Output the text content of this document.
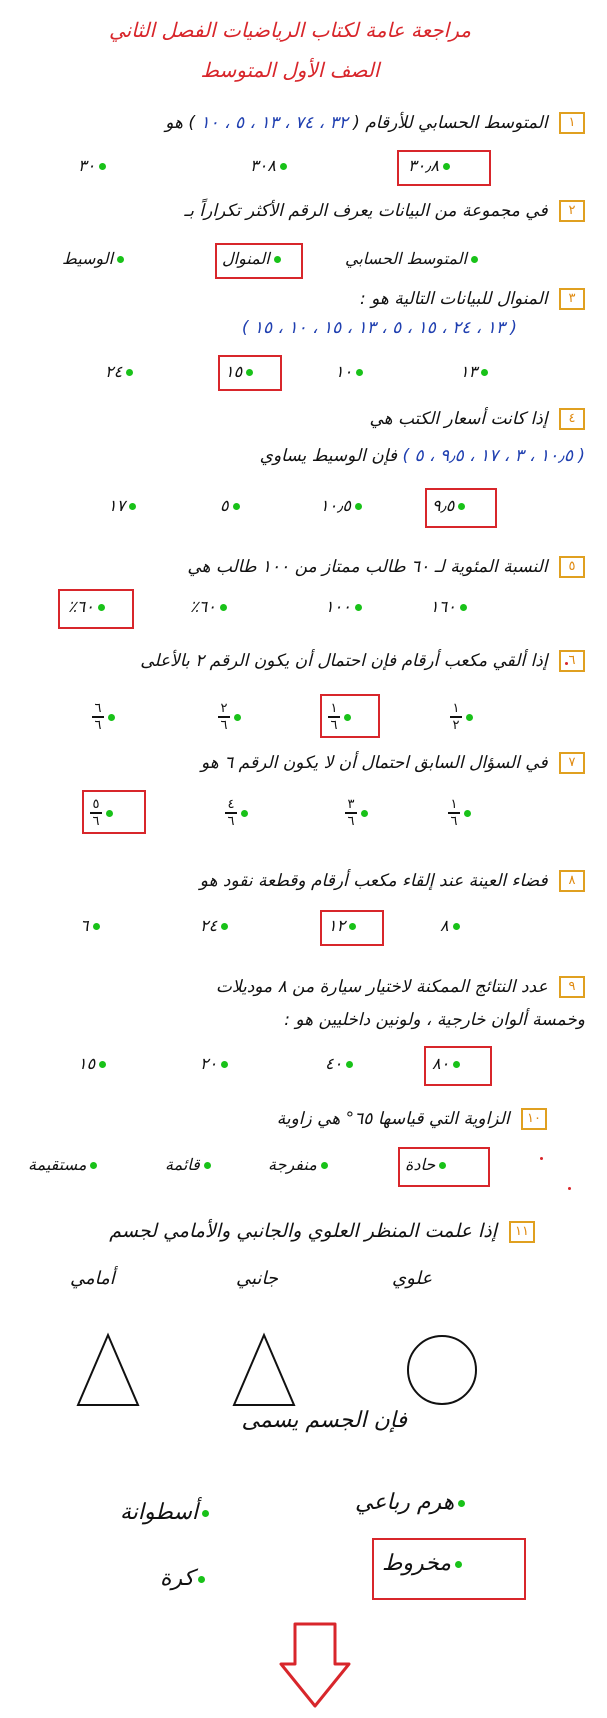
مراجعة عامة لكتاب الرياضيات الفصل الثاني
الصف الأول المتوسط
١ المتوسط الحسابي للأرقام ( ٣٢ ، ٧٤ ، ١٣ ، ٥ ، ١٠ ) هو
٣٠٫٨
٣٠٨
٣٠
٢ في مجموعة من البيانات يعرف الرقم الأكثر تكراراً بـ
المتوسط الحسابي
المنوال
الوسيط
٣ المنوال للبيانات التالية هو :
( ١٣ ، ٢٤ ، ١٥ ، ٥ ، ١٣ ، ١٥ ، ١٠ ، ١٥ )
١٣
١٠
١٥
٢٤
٤ إذا كانت أسعار الكتب هي
( ١٠٫٥ ، ٣ ، ١٧ ، ٩٫٥ ، ٥ ) فإن الوسيط يساوي
٩٫٥
١٠٫٥
٥
١٧
٥ النسبة المئوية لـ ٦٠ طالب ممتاز من ١٠٠ طالب هي
١٦٠
١٠٠
٦٠٪
٦٠٪
٦ إذا ألقي مكعب أرقام فإن احتمال أن يكون الرقم ٢ بالأعلى
$\frac{١}{٢}$
$\frac{١}{٦}$
$\frac{٢}{٦}$
$\frac{٦}{٦}$
٧ في السؤال السابق احتمال أن لا يكون الرقم ٦ هو
$\frac{١}{٦}$
$\frac{٣}{٦}$
$\frac{٤}{٦}$
$\frac{٥}{٦}$
٨ فضاء العينة عند إلقاء مكعب أرقام وقطعة نقود هو
٨
١٢
٢٤
٦
٩ عدد النتائج الممكنة لاختيار سيارة من ٨ موديلات
وخمسة ألوان خارجية ، ولونين داخليين هو :
٨٠
٤٠
٢٠
١٥
١٠ الزاوية التي قياسها ٦٥° هي زاوية
حادة
منفرجة
قائمة
مستقيمة
١١ إذا علمت المنظر العلوي والجانبي والأمامي لجسم
علوي
جانبي
أمامي
فإن الجسم يسمى
هرم رباعي
أسطوانة
مخروط
كرة
